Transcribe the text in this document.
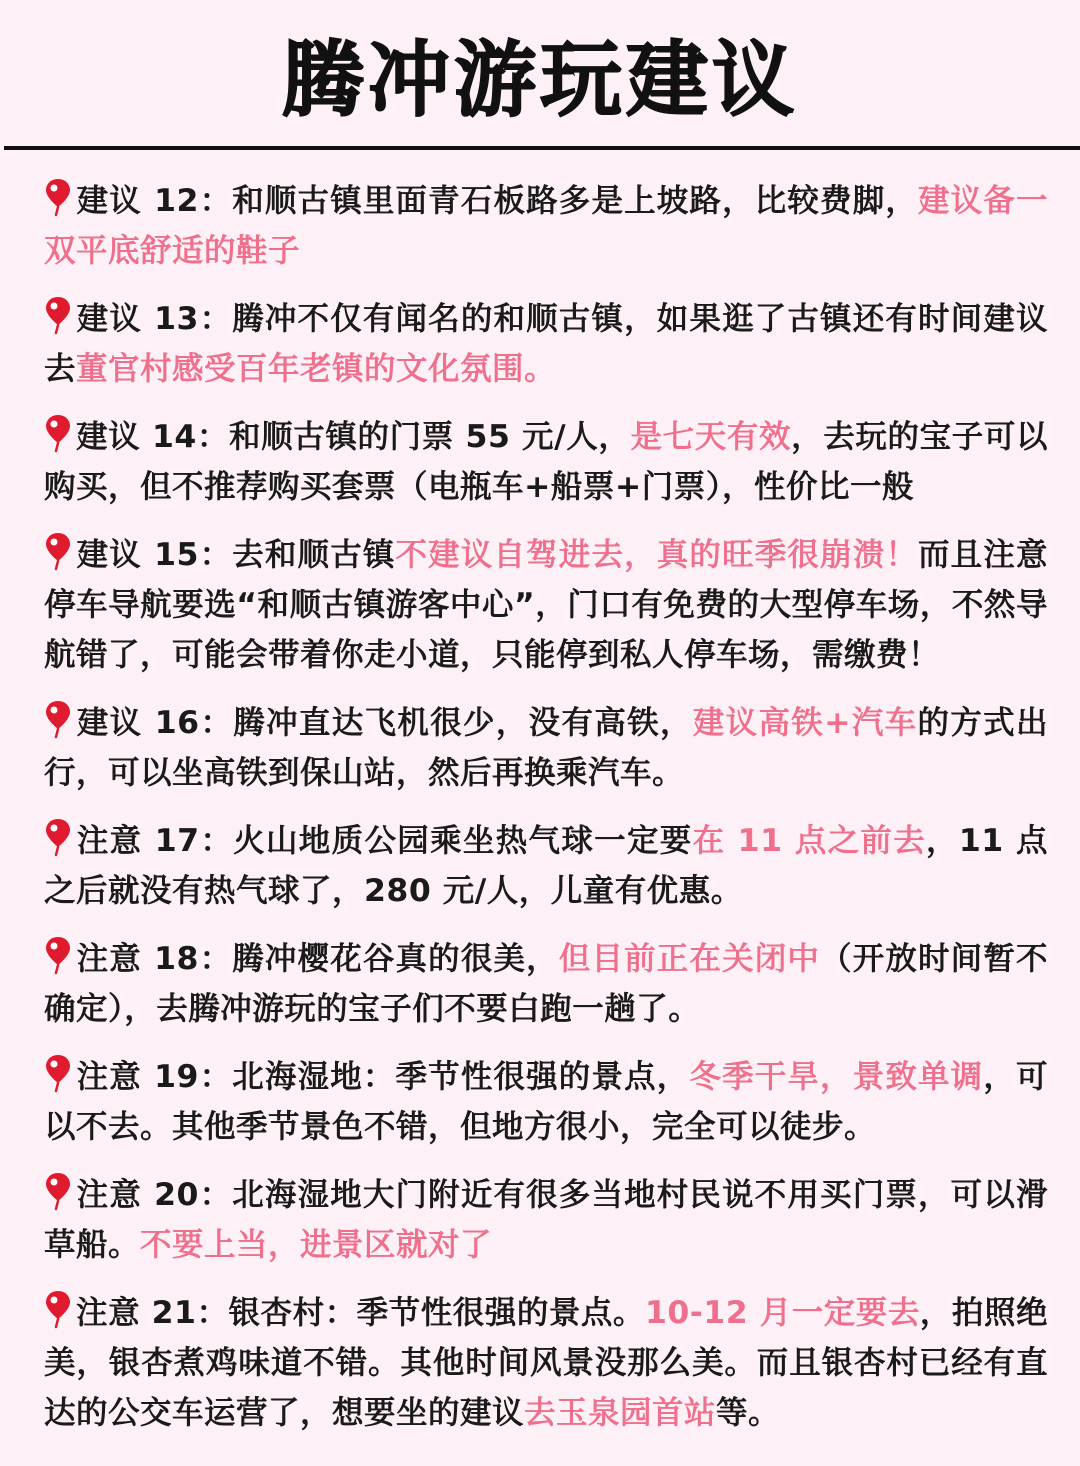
腾冲游玩建议
建议 12：和顺古镇里面青石板路多是上坡路，比较费脚，建议备一双平底舒适的鞋子
建议 13：腾冲不仅有闻名的和顺古镇，如果逛了古镇还有时间建议去董官村感受百年老镇的文化氛围。
建议 14：和顺古镇的门票 55 元/人，是七天有效，去玩的宝子可以购买，但不推荐购买套票（电瓶车+船票+门票），性价比一般
建议 15：去和顺古镇不建议自驾进去，真的旺季很崩溃！而且注意停车导航要选“和顺古镇游客中心”，门口有免费的大型停车场，不然导航错了，可能会带着你走小道，只能停到私人停车场，需缴费！
建议 16：腾冲直达飞机很少，没有高铁，建议高铁+汽车的方式出行，可以坐高铁到保山站，然后再换乘汽车。
注意 17：火山地质公园乘坐热气球一定要在 11 点之前去，11 点之后就没有热气球了，280 元/人，儿童有优惠。
注意 18：腾冲樱花谷真的很美，但目前正在关闭中（开放时间暂不确定），去腾冲游玩的宝子们不要白跑一趟了。
注意 19：北海湿地：季节性很强的景点，冬季干旱，景致单调，可以不去。其他季节景色不错，但地方很小，完全可以徒步。
注意 20：北海湿地大门附近有很多当地村民说不用买门票，可以滑草船。不要上当，进景区就对了
注意 21：银杏村：季节性很强的景点。10-12 月一定要去，拍照绝美，银杏煮鸡味道不错。其他时间风景没那么美。而且银杏村已经有直达的公交车运营了，想要坐的建议去玉泉园首站等。
